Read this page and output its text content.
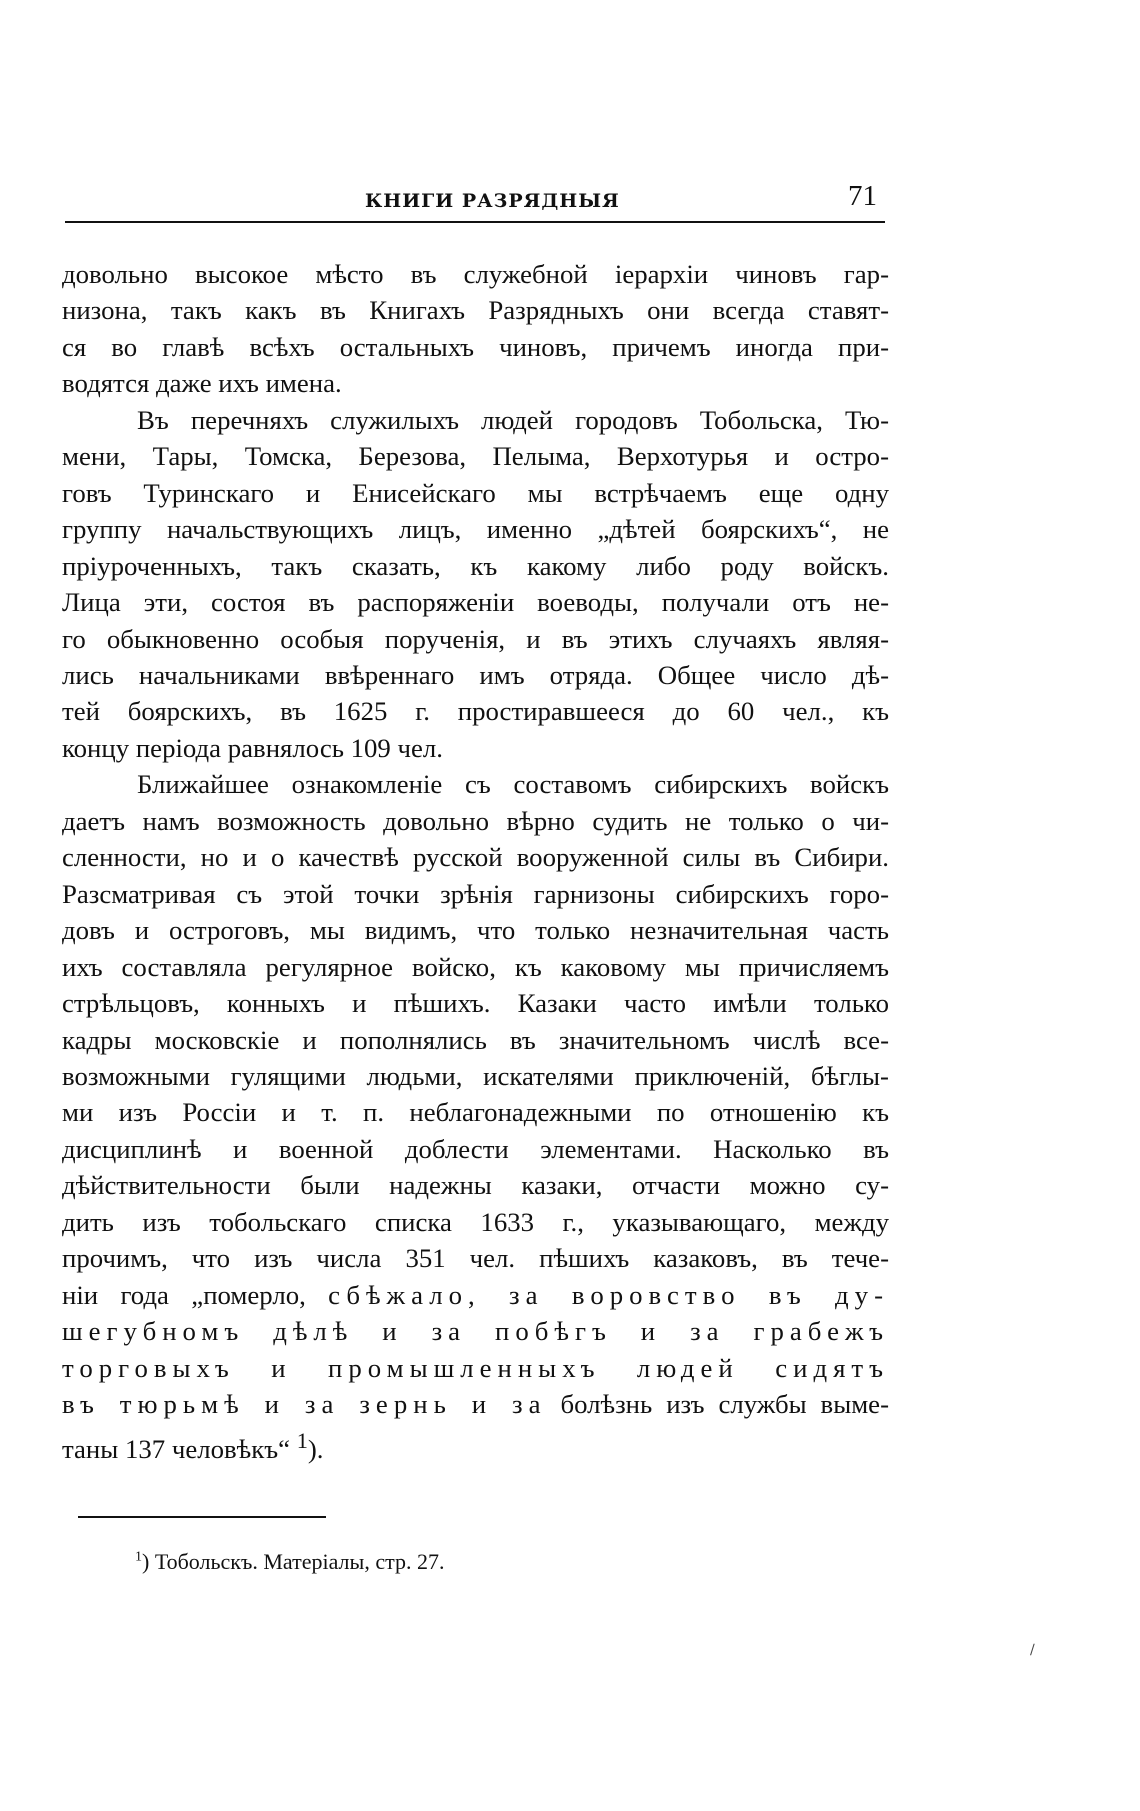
КНИГИ РАЗРЯДНЫЯ	71

довольно высокое мѣсто въ служебной іерархіи чиновъ гар-

низона, такъ какъ въ Книгахъ Разрядныхъ они всегда ставят-

ся во главѣ всѣхъ остальныхъ чиновъ, причемъ иногда при-

водятся даже ихъ имена.

Въ перечняхъ служилыхъ людей городовъ Тобольска, Тю-

мени, Тары, Томска, Березова, Пелыма, Верхотурья и остро-

говъ Туринскаго и Енисейскаго мы встрѣчаемъ еще одну

группу начальствующихъ лицъ, именно „дѣтей боярскихъ“, не

пріуроченныхъ, такъ сказать, къ какому либо роду войскъ.

Лица эти, состоя въ распоряженіи воеводы, получали отъ не-

го обыкновенно особыя порученія, и въ этихъ случаяхъ являя-

лись начальниками ввѣреннаго имъ отряда. Общее число дѣ-

тей боярскихъ, въ 1625 г. простиравшееся до 60 чел., къ

концу періода равнялось 109 чел.

Ближайшее ознакомленіе съ составомъ сибирскихъ войскъ

даетъ намъ возможность довольно вѣрно судить не только о чи-

сленности, но и о качествѣ русской вооруженной силы въ Сибири.

Разсматривая съ этой точки зрѣнія гарнизоны сибирскихъ горо-

довъ и остроговъ, мы видимъ, что только незначительная часть

ихъ составляла регулярное войско, къ каковому мы причисляемъ

стрѣльцовъ, конныхъ и пѣшихъ. Казаки часто имѣли только

кадры московскіе и пополнялись въ значительномъ числѣ все-

возможными гулящими людьми, искателями приключеній, бѣглы-

ми изъ Россіи и т. п. неблагонадежными по отношенію къ

дисциплинѣ и военной доблести элементами. Насколько въ

дѣйствительности были надежны казаки, отчасти можно су-

дить изъ тобольскаго списка 1633 г., указывающаго, между

прочимъ, что изъ числа 351 чел. пѣшихъ казаковъ, въ тече-

ніи года „померло, сбѣжало, за воровство въ ду-

шегубномъ дѣлѣ и за побѣгъ и за грабежъ

торговыхъ и промышленныхъ людей сидятъ

въ тюрьмѣ и за зернь и за болѣзнь изъ службы выме-

таны 137 человѣкъ“ $^1$).

$^1$) Тобольскъ. Матеріалы, стр. 27.
∕
